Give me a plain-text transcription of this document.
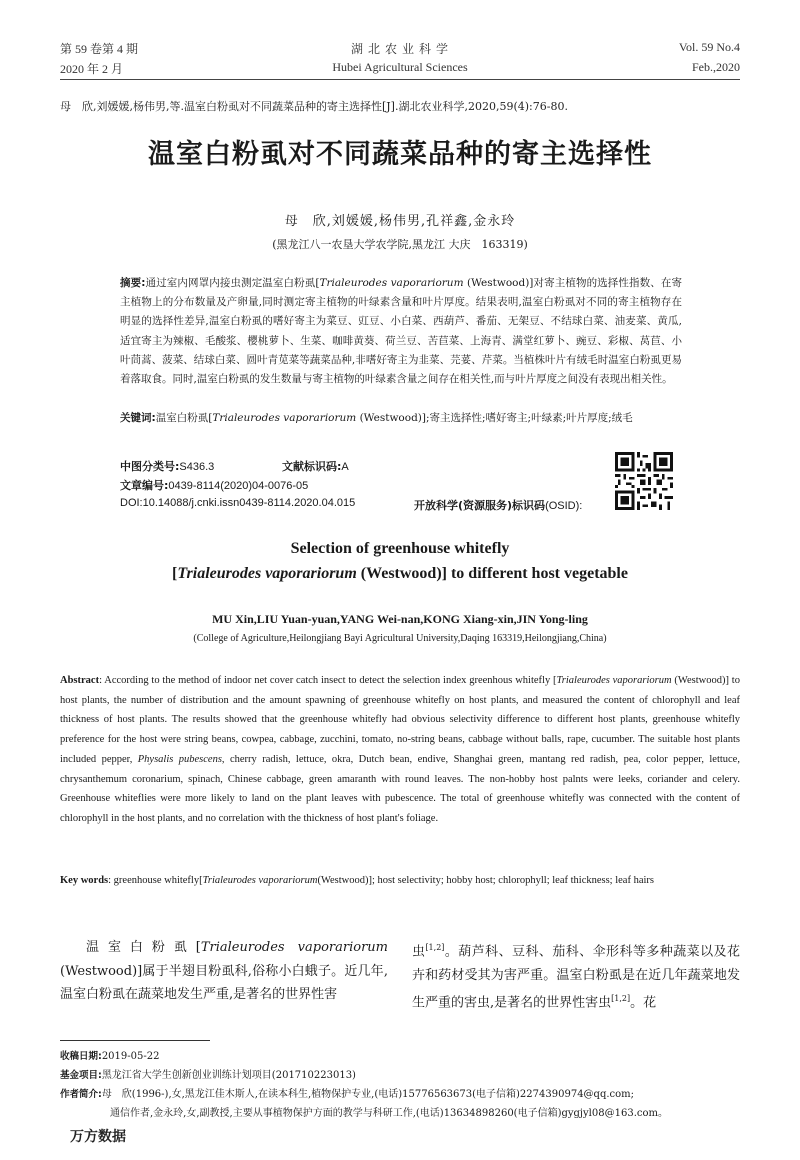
第 59 卷第 4 期
2020 年 2 月
湖 北 农 业 科 学
Hubei Agricultural Sciences
Vol. 59 No.4
Feb.,2020
母　欣,刘媛媛,杨伟男,等.温室白粉虱对不同蔬菜品种的寄主选择性[J].湖北农业科学,2020,59(4):76-80.
温室白粉虱对不同蔬菜品种的寄主选择性
母　欣,刘媛媛,杨伟男,孔祥鑫,金永玲
(黑龙江八一农垦大学农学院,黑龙江 大庆　163319)
摘要:通过室内网罩内接虫测定温室白粉虱[Trialeurodes vaporariorum (Westwood)]对寄主植物的选择性指数、在寄主植物上的分布数量及产卵量,同时测定寄主植物的叶绿素含量和叶片厚度。结果表明,温室白粉虱对不同的寄主植物存在明显的选择性差异,温室白粉虱的嗜好寄主为菜豆、豇豆、小白菜、西葫芦、番茄、无架豆、不结球白菜、油麦菜、黄瓜,适宜寄主为辣椒、毛酸浆、樱桃萝卜、生菜、咖啡黄葵、荷兰豆、苦苣菜、上海青、满堂红萝卜、豌豆、彩椒、莴苣、小叶茼蒿、菠菜、结球白菜、圆叶青苋菜等蔬菜品种,非嗜好寄主为韭菜、芫荽、芹菜。当植株叶片有绒毛时温室白粉虱更易着落取食。同时,温室白粉虱的发生数量与寄主植物的叶绿素含量之间存在相关性,而与叶片厚度之间没有表现出相关性。
关键词:温室白粉虱[Trialeurodes vaporariorum (Westwood)];寄主选择性;嗜好寄主;叶绿素;叶片厚度;绒毛
中图分类号:S436.3	文献标识码:A
文章编号:0439-8114(2020)04-0076-05
DOI:10.14088/j.cnki.issn0439-8114.2020.04.015	开放科学(资源服务)标识码(OSID):
Selection of greenhouse whitefly
[Trialeurodes vaporariorum (Westwood)] to different host vegetable
MU Xin,LIU Yuan-yuan,YANG Wei-nan,KONG Xiang-xin,JIN Yong-ling
(College of Agriculture,Heilongjiang Bayi Agricultural University,Daqing 163319,Heilongjiang,China)
Abstract: According to the method of indoor net cover catch insect to detect the selection index greenhous whitefly [Trialeurodes vaporariorum (Westwood)] to host plants, the number of distribution and the amount spawning of greenhouse whitefly on host plants, and measured the content of chlorophyll and leaf thickness of host plants. The results showed that the greenhouse whitefly had obvious selectivity difference to different host plants, greenhouse whitefly preference for the host were string beans, cowpea, cabbage, zucchini, tomato, no-string beans, cabbage without balls, rape, cucumber. The suitable host plants included pepper, Physalis pubescens, cherry radish, lettuce, okra, Dutch bean, endive, Shanghai green, mantang red radish, pea, color pepper, lettuce, chrysanthemum coronarium, spinach, Chinese cabbage, green amaranth with round leaves. The non-hobby host palnts were leeks, coriander and celery. Greenhouse whiteflies were more likely to land on the plant leaves with pubescence. The total of greenhouse whitefly was connected with the content of chlorophyll in the host plants, and no correlation with the thickness of host plant's foliage.
Key words: greenhouse whitefly[Trialeurodes vaporariorum(Westwood)]; host selectivity; hobby host; chlorophyll; leaf thickness; leaf hairs
温室白粉虱[Trialeurodes vaporariorum (Westwood)]属于半翅目粉虱科,俗称小白蛾子。近几年,温室白粉虱在蔬菜地发生严重,是著名的世界性害
虫[1,2]。葫芦科、豆科、茄科、伞形科等多种蔬菜以及花卉和药材受其为害严重。温室白粉虱是在近几年蔬菜地发生严重的害虫,是著名的世界性害虫[1,2]。花
收稿日期:2019-05-22
基金项目:黑龙江省大学生创新创业训练计划项目(201710223013)
作者简介:母　欣(1996-),女,黑龙江佳木斯人,在读本科生,植物保护专业,(电话)15776563673(电子信箱)2274390974@qq.com;
通信作者,金永玲,女,副教授,主要从事植物保护方面的教学与科研工作,(电话)13634898260(电子信箱)gygjyl08@163.com。
万方数据
